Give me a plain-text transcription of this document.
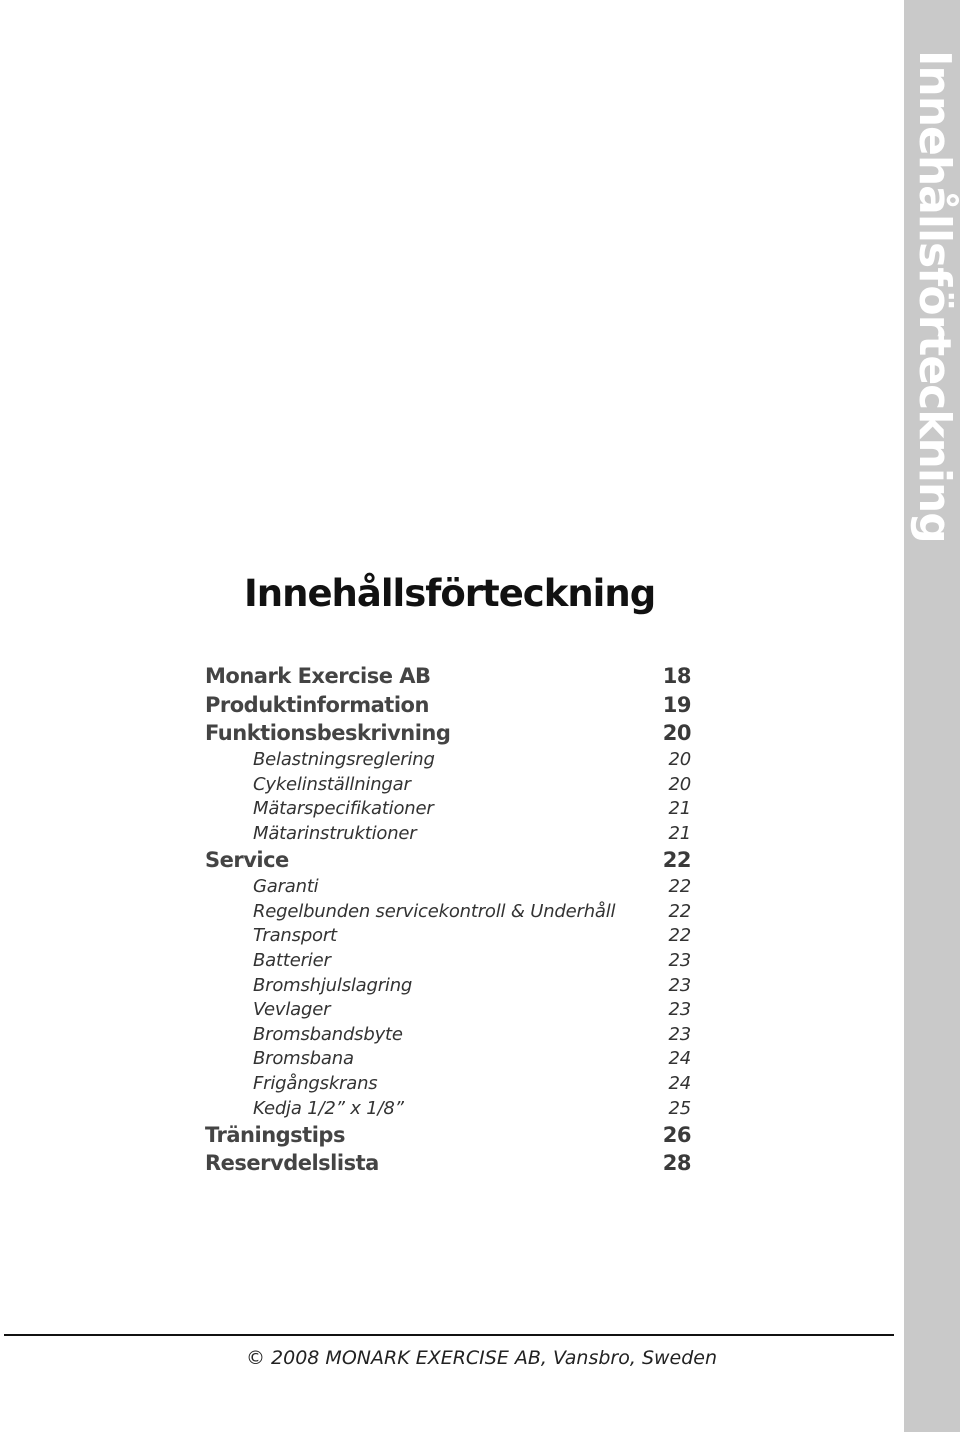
Innehållsförteckning
Innehållsförteckning
Monark Exercise AB	18
Produktinformation	19
Funktionsbeskrivning	20
Belastningsreglering	20
Cykelinställningar	20
Mätarspecifikationer	21
Mätarinstruktioner	21
Service	22
Garanti	22
Regelbunden servicekontroll & Underhåll	22
Transport	22
Batterier	23
Bromshjulslagring	23
Vevlager	23
Bromsbandsbyte	23
Bromsbana	24
Frigångskrans	24
Kedja 1/2” x 1/8”	25
Träningstips	26
Reservdelslista	28
© 2008 MONARK EXERCISE AB, Vansbro, Sweden
